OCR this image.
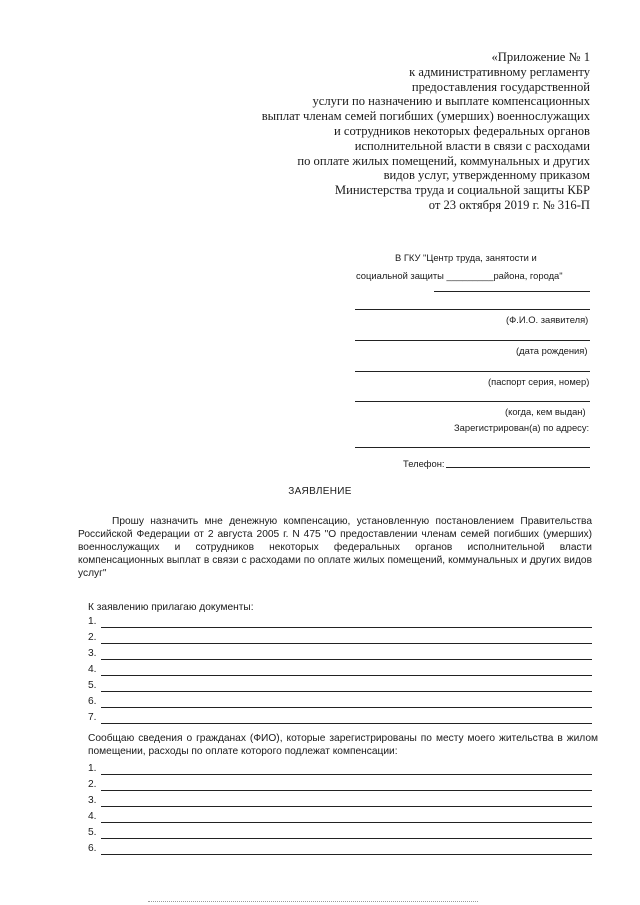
«Приложение № 1
к административному регламенту
предоставления государственной
услуги по назначению и выплате компенсационных
выплат членам семей погибших (умерших) военнослужащих
и сотрудников некоторых федеральных органов
исполнительной власти в связи с расходами
по оплате жилых помещений, коммунальных и других
видов услуг, утвержденному приказом
Министерства труда и социальной защиты КБР
от 23 октября 2019 г. № 316-П
В ГКУ "Центр труда, занятости и
социальной защиты _________района, города"
(Ф.И.О. заявителя)
(дата рождения)
(паспорт серия, номер)
(когда, кем выдан)
Зарегистрирован(а) по адресу:
Телефон:
ЗАЯВЛЕНИЕ
Прошу назначить мне денежную компенсацию, установленную постановлением Правительства Российской Федерации от 2 августа 2005 г. N 475 "О предоставлении членам семей погибших (умерших) военнослужащих и сотрудников некоторых федеральных органов исполнительной власти компенсационных выплат в связи с расходами по оплате жилых помещений, коммунальных и других видов услуг"
К заявлению прилагаю документы:
1.
2.
3.
4.
5.
6.
7.
Сообщаю сведения о гражданах (ФИО), которые зарегистрированы по месту моего жительства в жилом помещении, расходы по оплате которого подлежат компенсации:
1.
2.
3.
4.
5.
6.
